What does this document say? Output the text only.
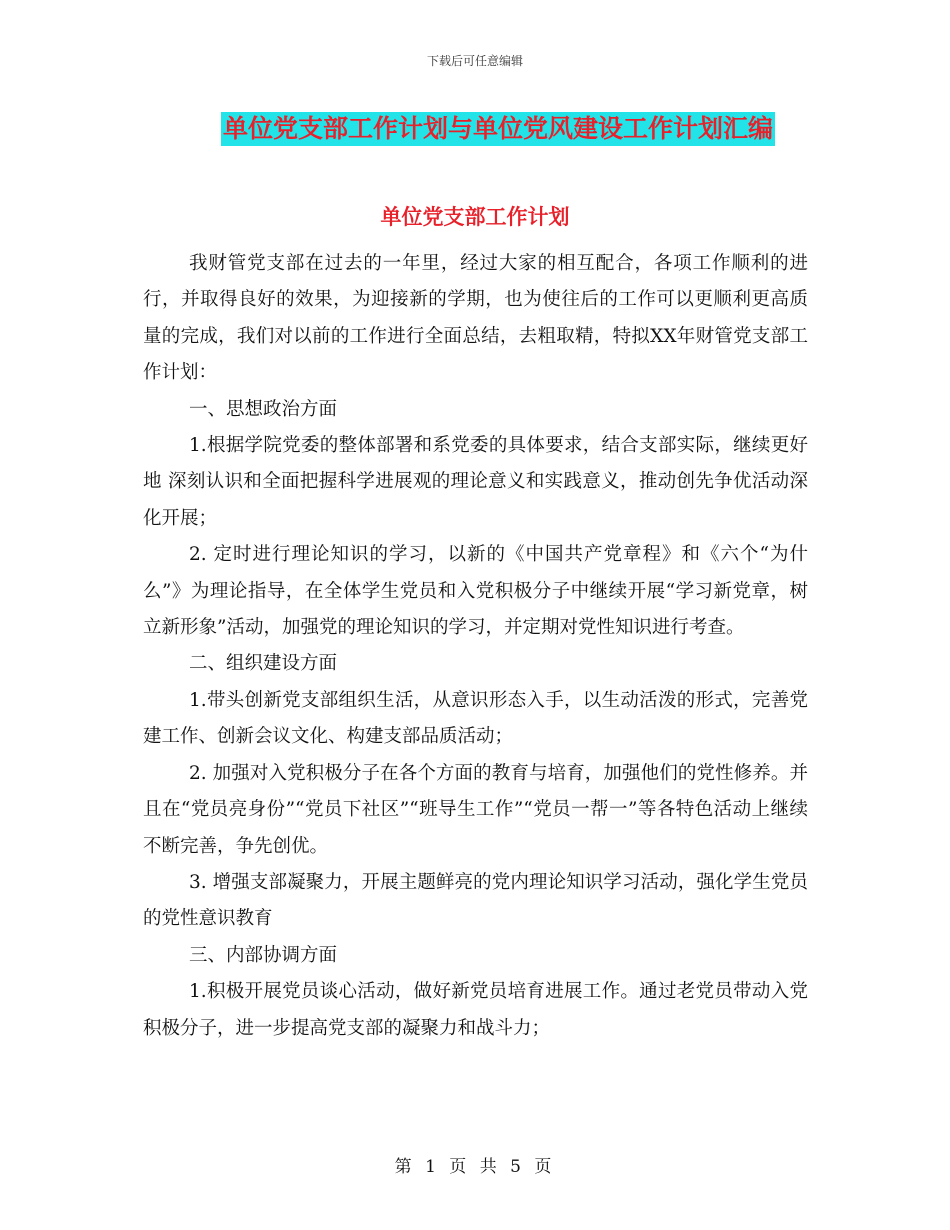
下载后可任意编辑
单位党支部工作计划与单位党风建设工作计划汇编
单位党支部工作计划

我财管党支部在过去的一年里，经过大家的相互配合，各项工作顺利的进行，并取得良好的效果，为迎接新的学期，也为使往后的工作可以更顺利更高质量的完成，我们对以前的工作进行全面总结，去粗取精，特拟XX年财管党支部工作计划：

一、思想政治方面

1.根据学院党委的整体部署和系党委的具体要求，结合支部实际，继续更好地 深刻认识和全面把握科学进展观的理论意义和实践意义，推动创先争优活动深化开展；

2. 定时进行理论知识的学习，以新的《中国共产党章程》和《六个“为什么”》为理论指导，在全体学生党员和入党积极分子中继续开展“学习新党章，树立新形象”活动，加强党的理论知识的学习，并定期对党性知识进行考查。

二、组织建设方面

1.带头创新党支部组织生活，从意识形态入手，以生动活泼的形式，完善党建工作、创新会议文化、构建支部品质活动；

2. 加强对入党积极分子在各个方面的教育与培育，加强他们的党性修养。并且在“党员亮身份”“党员下社区”“班导生工作”“党员一帮一”等各特色活动上继续不断完善，争先创优。

3. 增强支部凝聚力，开展主题鲜亮的党内理论知识学习活动，强化学生党员的党性意识教育

三、内部协调方面

1.积极开展党员谈心活动，做好新党员培育进展工作。通过老党员带动入党积极分子，进一步提高党支部的凝聚力和战斗力；

第 1 页 共 5 页
